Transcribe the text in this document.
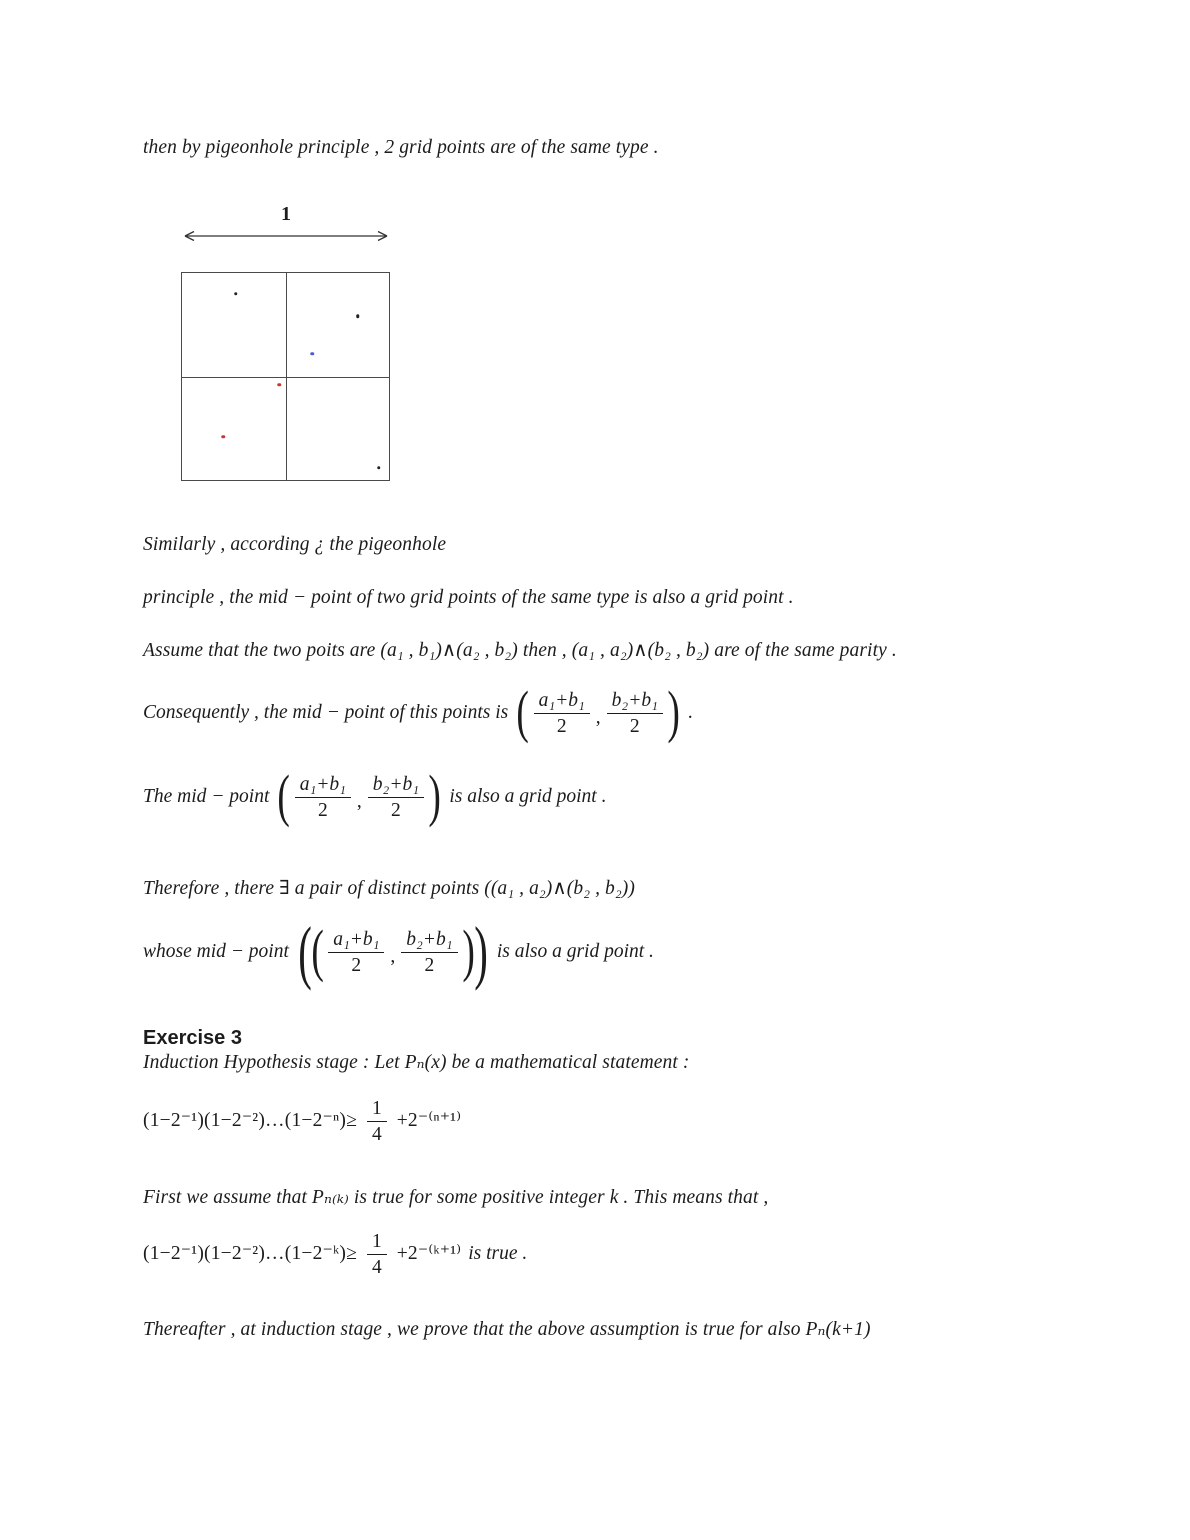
then by pigeonhole principle , 2 grid points are of the same type .

1

Similarly , according ¿ the pigeonhole

principle , the mid − point of two grid points of the same type is also a grid point .

Assume that the two poits are (a₁ , b₁)∧(a₂ , b₂) then , (a₁ , a₂)∧(b₂ , b₂) are of the same parity .

Consequently , the mid − point of this points is ( $\frac{\text{a₁+b₁}}{2}$ , $\frac{\text{b₂+b₁}}{2}$ ) .
The mid − point ( $\frac{\text{a₁+b₁}}{2}$ , $\frac{\text{b₂+b₁}}{2}$ ) is also a grid point .

Therefore , there ∃ a pair of distinct points ((a₁ , a₂)∧(b₂ , b₂))

whose mid − point ( ( $\frac{\text{a₁+b₁}}{2}$ , $\frac{\text{b₂+b₁}}{2}$ ) ) is also a grid point .
Exercise 3

Induction Hypothesis stage : Let Pₙ(x) be a mathematical statement :

(1−2⁻¹)(1−2⁻²)…(1−2⁻ⁿ)≥ $\frac{1}{4} +2^{-(n+1)}$

First we assume that Pₙ₍ₖ₎ is true for some positive integer k . This means that ,

(1−2⁻¹)(1−2⁻²)…(1−2⁻ᵏ)≥ $\frac{1}{4}$ +2⁻⁽ᵏ⁺¹⁾ is true .

Thereafter , at induction stage , we prove that the above assumption is true for also Pₙ(k+1)
